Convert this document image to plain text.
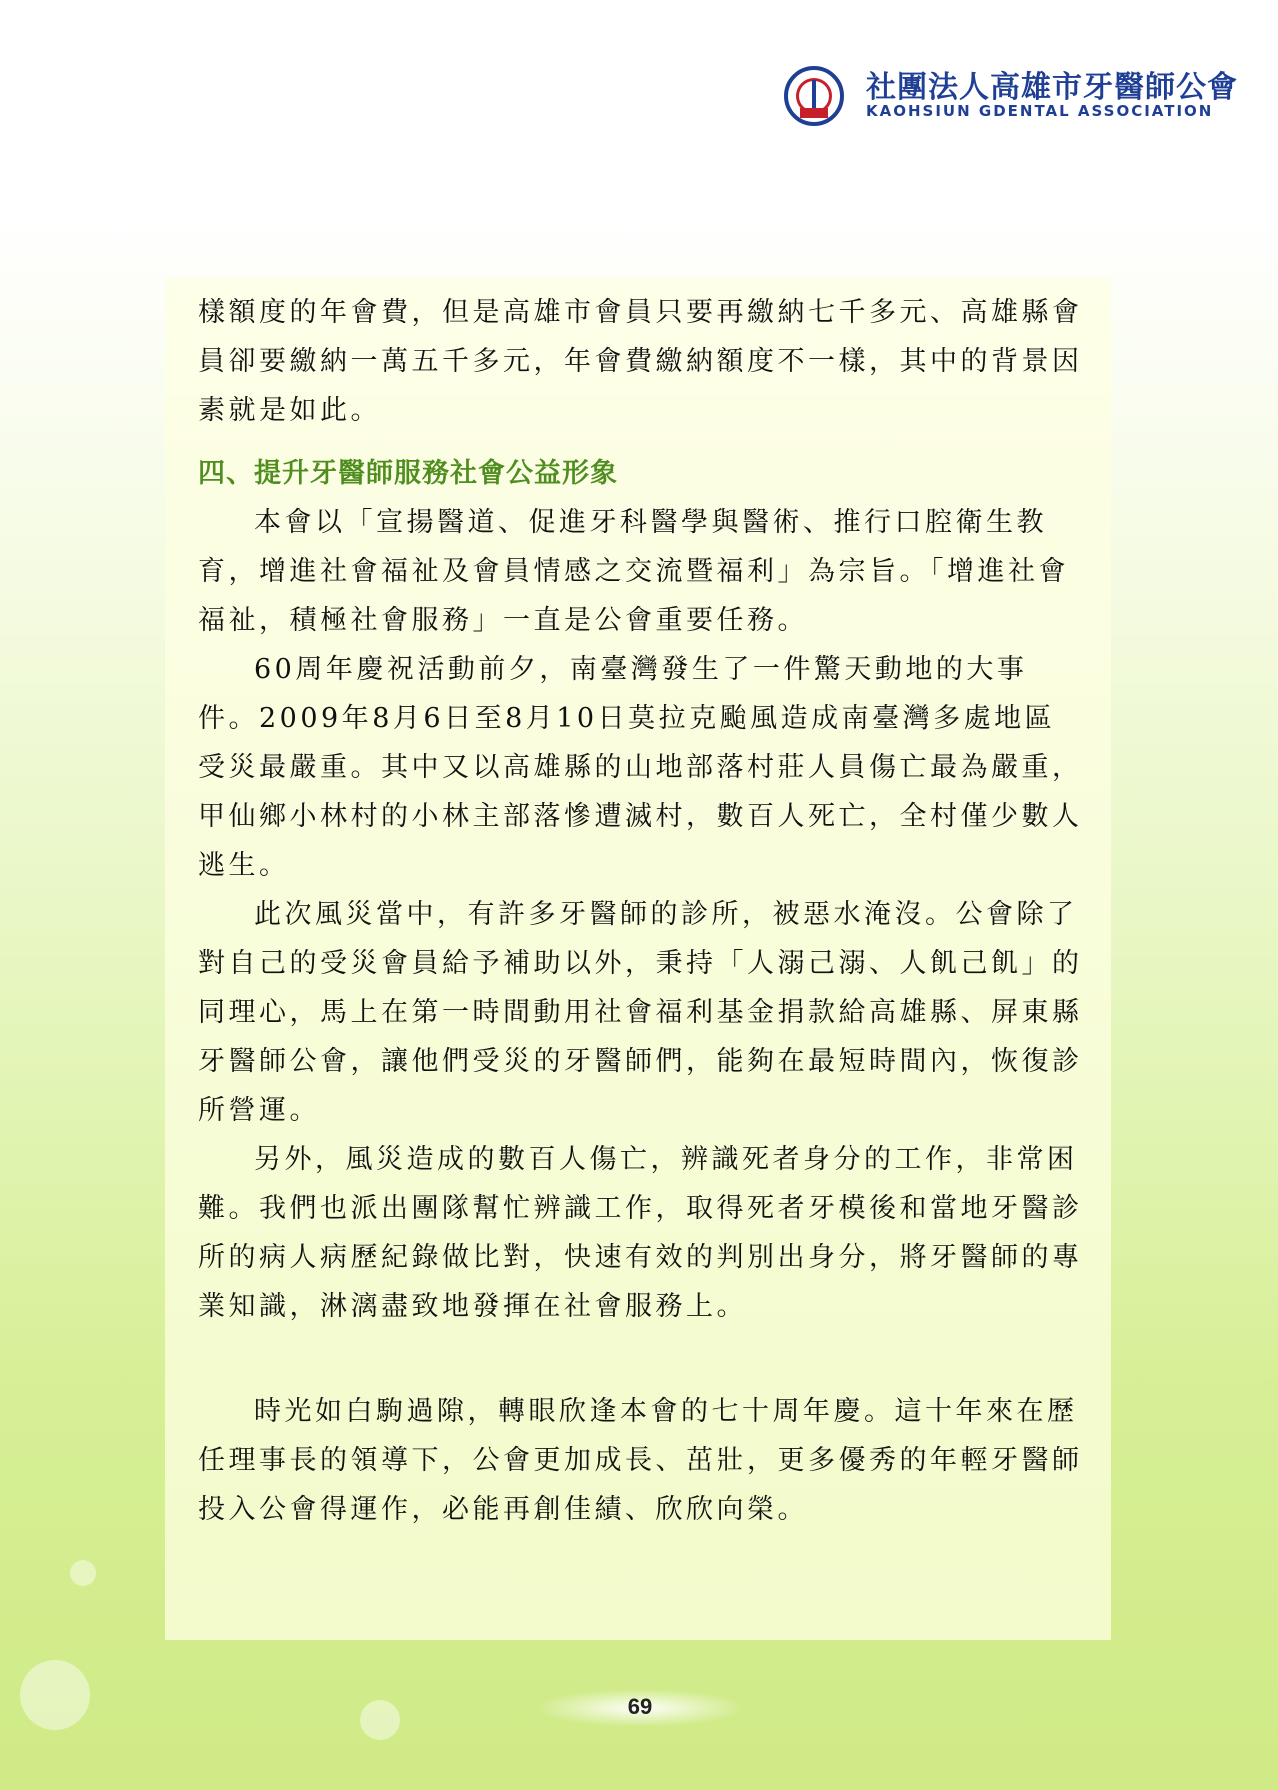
社團法人高雄市牙醫師公會
KAOHSIUN GDENTAL ASSOCIATION

樣額度的年會費，但是高雄市會員只要再繳納七千多元、高雄縣會員卻要繳納一萬五千多元，年會費繳納額度不一樣，其中的背景因素就是如此。

四、提升牙醫師服務社會公益形象

本會以「宣揚醫道、促進牙科醫學與醫術、推行口腔衛生教育，增進社會福祉及會員情感之交流暨福利」為宗旨。「增進社會福祉，積極社會服務」一直是公會重要任務。

60周年慶祝活動前夕，南臺灣發生了一件驚天動地的大事件。2009年8月6日至8月10日莫拉克颱風造成南臺灣多處地區受災最嚴重。其中又以高雄縣的山地部落村莊人員傷亡最為嚴重，甲仙鄉小林村的小林主部落慘遭滅村，數百人死亡，全村僅少數人逃生。

此次風災當中，有許多牙醫師的診所，被惡水淹沒。公會除了對自己的受災會員給予補助以外，秉持「人溺己溺、人飢己飢」的同理心，馬上在第一時間動用社會福利基金捐款給高雄縣、屏東縣牙醫師公會，讓他們受災的牙醫師們，能夠在最短時間內，恢復診所營運。

另外，風災造成的數百人傷亡，辨識死者身分的工作，非常困難。我們也派出團隊幫忙辨識工作，取得死者牙模後和當地牙醫診所的病人病歷紀錄做比對，快速有效的判別出身分，將牙醫師的專業知識，淋漓盡致地發揮在社會服務上。

時光如白駒過隙，轉眼欣逢本會的七十周年慶。這十年來在歷任理事長的領導下，公會更加成長、茁壯，更多優秀的年輕牙醫師投入公會得運作，必能再創佳績、欣欣向榮。

69
